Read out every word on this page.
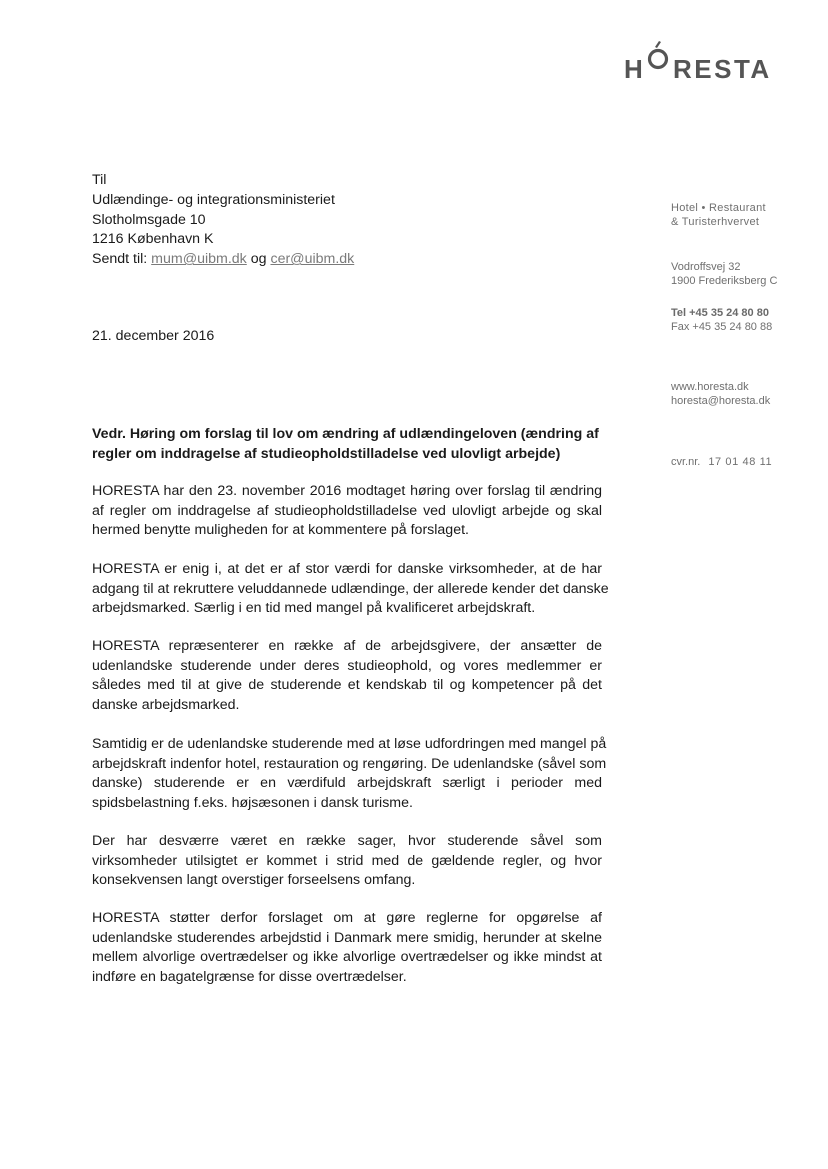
H RESTA
Til
Udlændinge- og integrationsministeriet
Slotholmsgade 10
1216 København K
Sendt til: mum@uibm.dk og cer@uibm.dk
Hotel • Restaurant
& Turisterhvervet
Vodroffsvej 32
1900 Frederiksberg C
Tel +45 35 24 80 80
Fax +45 35 24 80 88
www.horesta.dk
horesta@horesta.dk
cvr.nr. 17 01 48 11
21. december 2016
Vedr. Høring om forslag til lov om ændring af udlændingeloven (ændring af
regler om inddragelse af studieopholdstilladelse ved ulovligt arbejde)
HORESTA har den 23. november 2016 modtaget høring over forslag til ændring
af regler om inddragelse af studieopholdstilladelse ved ulovligt arbejde og skal
hermed benytte muligheden for at kommentere på forslaget.
HORESTA er enig i, at det er af stor værdi for danske virksomheder, at de har
adgang til at rekruttere veluddannede udlændinge, der allerede kender det danske
arbejdsmarked. Særlig i en tid med mangel på kvalificeret arbejdskraft.
HORESTA repræsenterer en række af de arbejdsgivere, der ansætter de
udenlandske studerende under deres studieophold, og vores medlemmer er
således med til at give de studerende et kendskab til og kompetencer på det
danske arbejdsmarked.
Samtidig er de udenlandske studerende med at løse udfordringen med mangel på
arbejdskraft indenfor hotel, restauration og rengøring. De udenlandske (såvel som
danske) studerende er en værdifuld arbejdskraft særligt i perioder med
spidsbelastning f.eks. højsæsonen i dansk turisme.
Der har desværre været en række sager, hvor studerende såvel som
virksomheder utilsigtet er kommet i strid med de gældende regler, og hvor
konsekvensen langt overstiger forseelsens omfang.
HORESTA støtter derfor forslaget om at gøre reglerne for opgørelse af
udenlandske studerendes arbejdstid i Danmark mere smidig, herunder at skelne
mellem alvorlige overtrædelser og ikke alvorlige overtrædelser og ikke mindst at
indføre en bagatelgrænse for disse overtrædelser.
